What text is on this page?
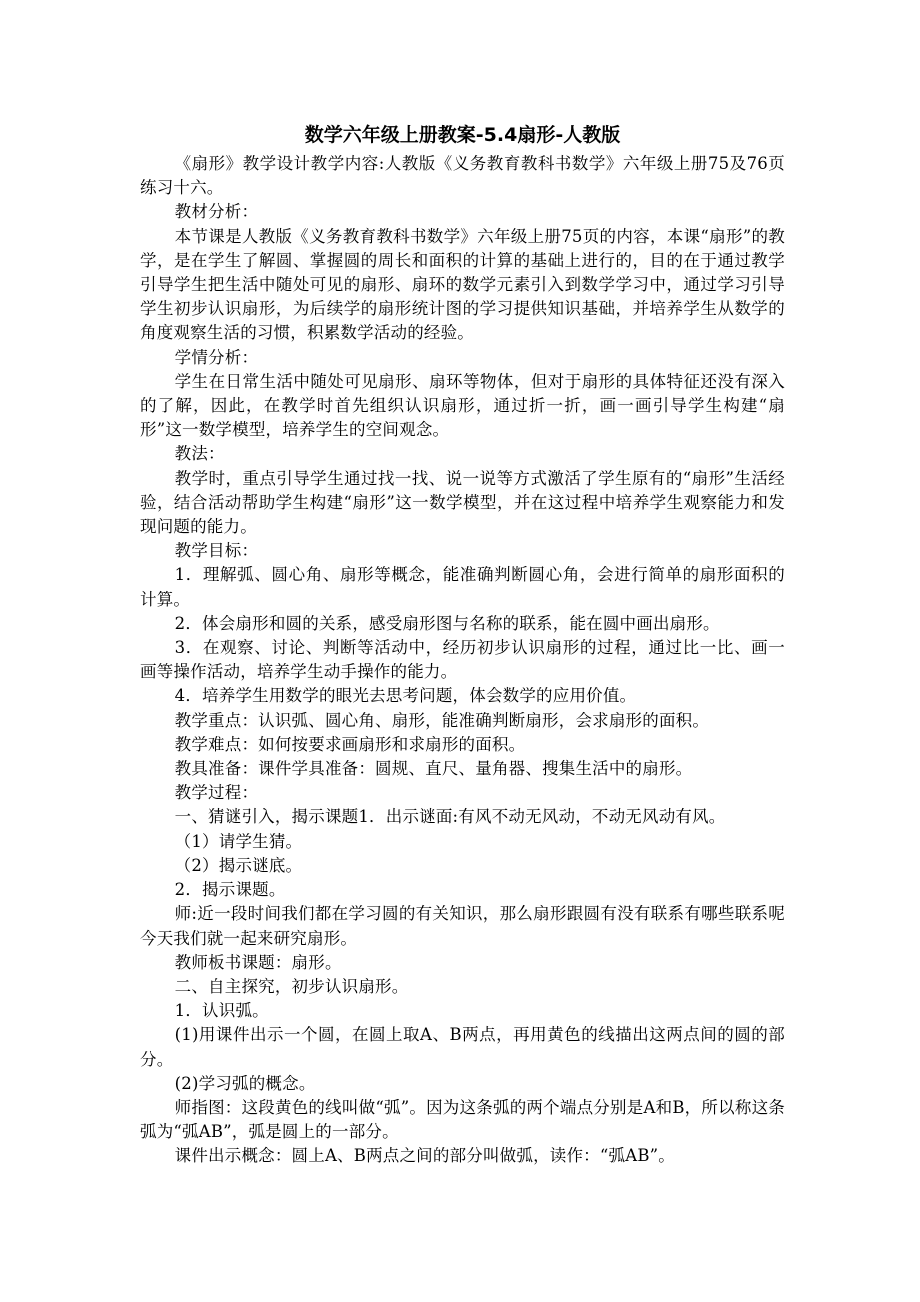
数学六年级上册教案-5.4扇形-人教版

《扇形》教学设计教学内容:人教版《义务教育教科书数学》六年级上册75及76页练习十六。

教材分析：

本节课是人教版《义务教育教科书数学》六年级上册75页的内容，本课“扇形”的教学，是在学生了解圆、掌握圆的周长和面积的计算的基础上进行的，目的在于通过教学引导学生把生活中随处可见的扇形、扇环的数学元素引入到数学学习中，通过学习引导学生初步认识扇形，为后续学的扇形统计图的学习提供知识基础，并培养学生从数学的角度观察生活的习惯，积累数学活动的经验。

学情分析：

学生在日常生活中随处可见扇形、扇环等物体，但对于扇形的具体特征还没有深入的了解，因此，在教学时首先组织认识扇形，通过折一折，画一画引导学生构建“扇形”这一数学模型，培养学生的空间观念。

教法：

教学时，重点引导学生通过找一找、说一说等方式激活了学生原有的“扇形”生活经验，结合活动帮助学生构建“扇形”这一数学模型，并在这过程中培养学生观察能力和发现问题的能力。

教学目标：

1．理解弧、圆心角、扇形等概念，能准确判断圆心角，会进行简单的扇形面积的计算。

2．体会扇形和圆的关系，感受扇形图与名称的联系，能在圆中画出扇形。

3．在观察、讨论、判断等活动中，经历初步认识扇形的过程，通过比一比、画一画等操作活动，培养学生动手操作的能力。

4．培养学生用数学的眼光去思考问题，体会数学的应用价值。

教学重点：认识弧、圆心角、扇形，能准确判断扇形，会求扇形的面积。

教学难点：如何按要求画扇形和求扇形的面积。

教具准备：课件学具准备：圆规、直尺、量角器、搜集生活中的扇形。

教学过程：

一、猜谜引入，揭示课题1．出示谜面:有风不动无风动，不动无风动有风。

（1）请学生猜。

（2）揭示谜底。

2．揭示课题。

师:近一段时间我们都在学习圆的有关知识，那么扇形跟圆有没有联系有哪些联系呢今天我们就一起来研究扇形。

教师板书课题：扇形。

二、自主探究，初步认识扇形。

1．认识弧。

(1)用课件出示一个圆，在圆上取A、B两点，再用黄色的线描出这两点间的圆的部分。

(2)学习弧的概念。

师指图：这段黄色的线叫做“弧”。因为这条弧的两个端点分别是A和B，所以称这条弧为“弧AB”，弧是圆上的一部分。

课件出示概念：圆上A、B两点之间的部分叫做弧，读作：“弧AB”。
